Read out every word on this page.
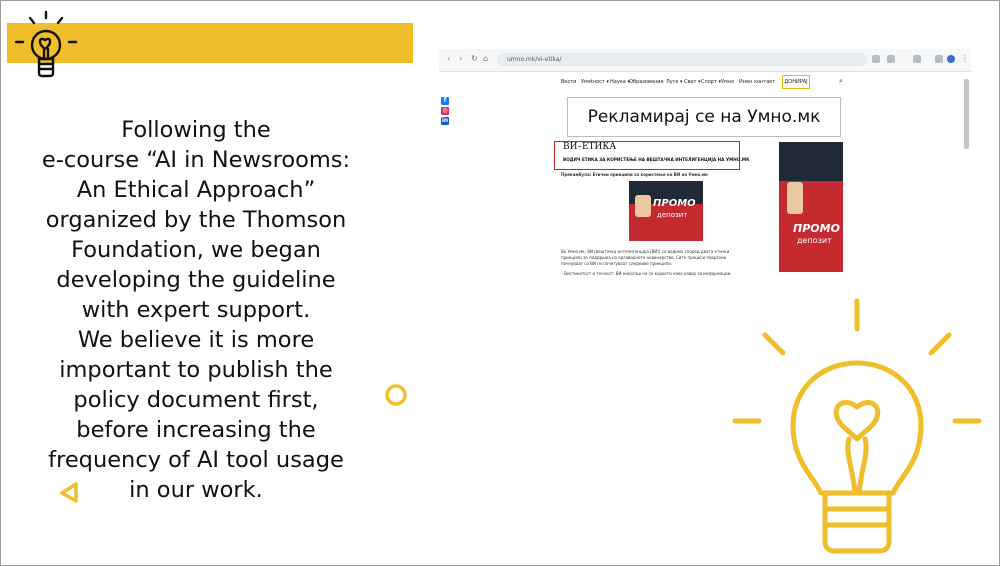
Following the
e-course “AI in Newsrooms:
An Ethical Approach”
organized by the Thomson
Foundation, we began
developing the guideline
with expert support.
We believe it is more
important to publish the
policy document first,
before increasing the
frequency of AI tool usage
in our work.
‹ › ↻ ⌂	umno.mk/vi-etika/	⋮
Вести Умеtност ▾ Наука ▾ Образование Луге ▾ Свет ▾ Спорт ▾ Умно Инен контакт	ДОНИРАЈ	⌕
f
◎
in	Рекламирај се на Умно.мк
ВИ–ЕТИКА
ВОДИЧ ЕТИКА ЗА КОРИСТЕЊЕ НА ВЕШТАЧКА ИНТЕЛИГЕНЦИЈА НА УМНО.МК
Прекамбула: Етички принципи за користење на ВИ на Умно.мк
ПРОМО
депозит
ПРОМО
депозит
Во Умно.мк, ВИ (вештачка интелигенција (ВИ)) се водиме според двата етички
принципи за поддршка на одговорното новинарство. Сите процеси поврзани
почнуваат со ВИ ги почитуваат следниве принципи.
– Вистинитост и точност: ВИ никогаш не се користи како извор за информации.
